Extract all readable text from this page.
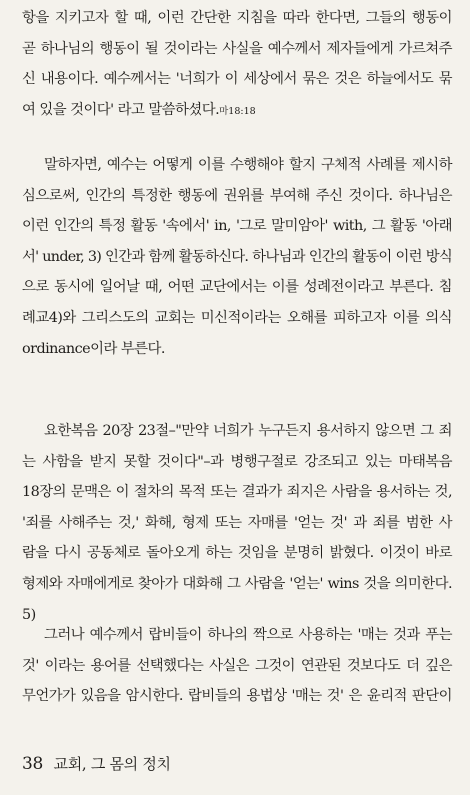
항을 지키고자 할 때, 이런 간단한 지침을 따라 한다면, 그들의 행동이
곧 하나님의 행동이 될 것이라는 사실을 예수께서 제자들에게 가르쳐주
신 내용이다. 예수께서는 '너희가 이 세상에서 묶은 것은 하늘에서도 묶
여 있을 것이다' 라고 말씀하셨다.마18:18
말하자면, 예수는 어떻게 이를 수행해야 할지 구체적 사례를 제시하
심으로써, 인간의 특정한 행동에 권위를 부여해 주신 것이다. 하나님은
이런 인간의 특정 활동 '속에서' in, '그로 말미암아' with, 그 활동 '아래
서' under, 3) 인간과 함께 활동하신다. 하나님과 인간의 활동이 이런 방식
으로 동시에 일어날 때, 어떤 교단에서는 이를 성례전이라고 부른다. 침
례교4)와 그리스도의 교회는 미신적이라는 오해를 피하고자 이를 의식
ordinance이라 부른다.
요한복음 20장 23절–"만약 너희가 누구든지 용서하지 않으면 그 죄
는 사함을 받지 못할 것이다"–과 병행구절로 강조되고 있는 마태복음
18장의 문맥은 이 절차의 목적 또는 결과가 죄지은 사람을 용서하는 것,
'죄를 사해주는 것,' 화해, 형제 또는 자매를 '얻는 것' 과 죄를 범한 사
람을 다시 공동체로 돌아오게 하는 것임을 분명히 밝혔다. 이것이 바로
형제와 자매에게로 찾아가 대화해 그 사람을 '얻는' wins 것을 의미한다.
5)
그러나 예수께서 랍비들이 하나의 짝으로 사용하는 '매는 것과 푸는
것' 이라는 용어를 선택했다는 사실은 그것이 연관된 것보다도 더 깊은
무언가가 있음을 암시한다. 랍비들의 용법상 '매는 것' 은 윤리적 판단이
38 교회, 그 몸의 정치
